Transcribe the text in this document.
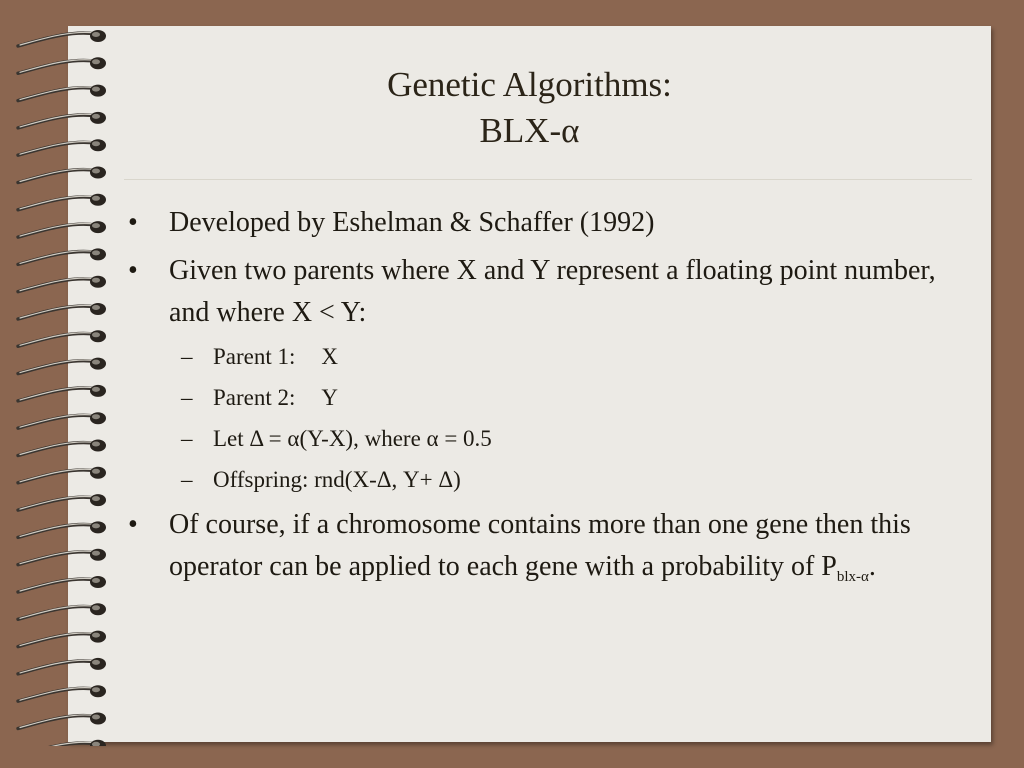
Genetic Algorithms:
BLX-α
•	Developed by Eshelman & Schaffer (1992)
•	Given two parents where X and Y represent a floating point number, and where X < Y:
– Parent 1: X
– Parent 2: Y
– Let Δ = α(Y-X), where α = 0.5
– Offspring: rnd(X-Δ, Y+ Δ)
•	Of course, if a chromosome contains more than one gene then this operator can be applied to each gene with a probability of $P_{blx-\alpha}$.
